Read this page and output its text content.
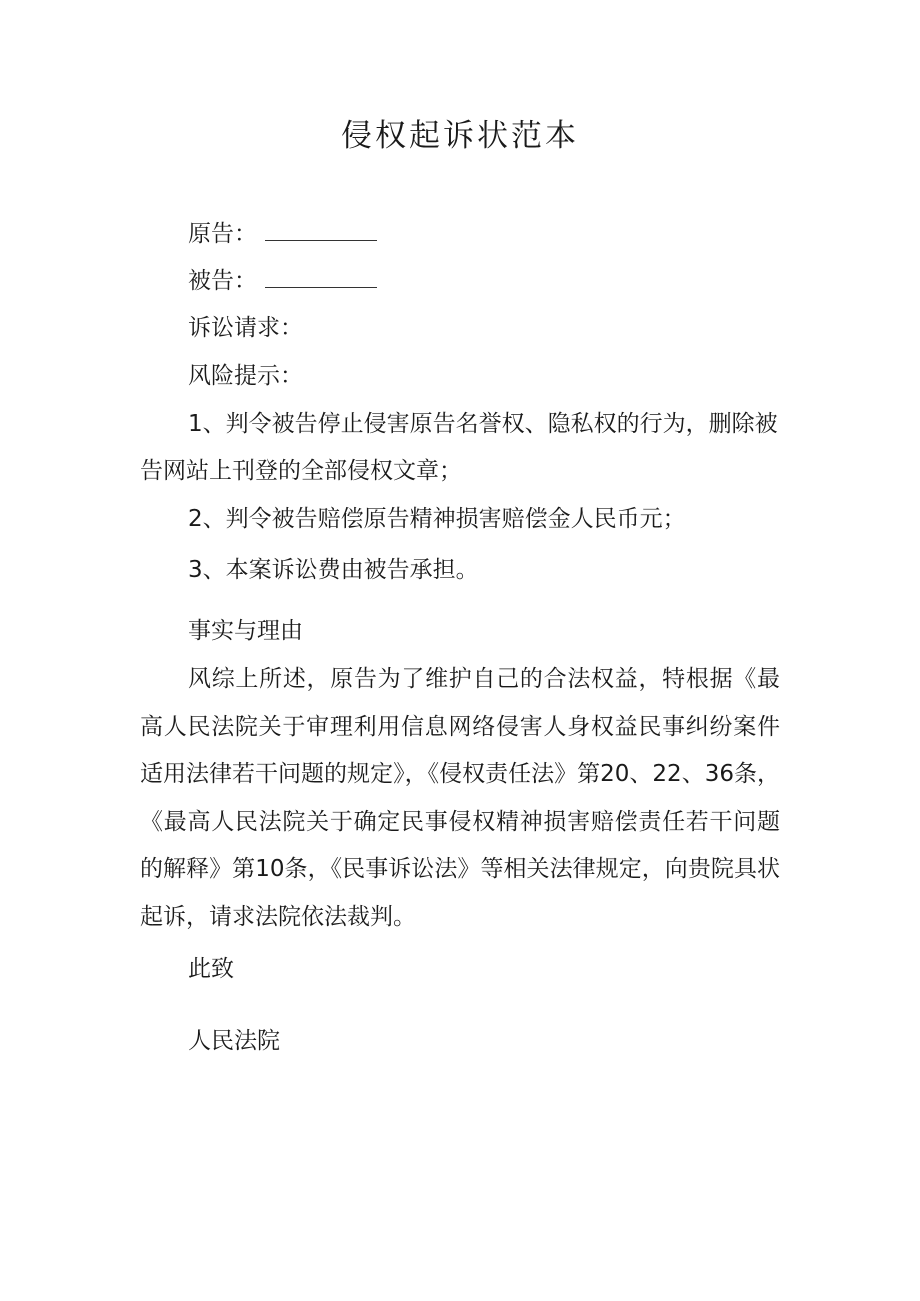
侵权起诉状范本
原告：
被告：
诉讼请求：
风险提示：
1、判令被告停止侵害原告名誉权、隐私权的行为，删除被
告网站上刊登的全部侵权文章；
2、判令被告赔偿原告精神损害赔偿金人民币元；
3、本案诉讼费由被告承担。
事实与理由
风综上所述，原告为了维护自己的合法权益，特根据《最高人民法院关于审理利用信息网络侵害人身权益民事纠纷案件适用法律若干问题的规定》，《侵权责任法》第20、22、36条，《最高人民法院关于确定民事侵权精神损害赔偿责任若干问题的解释》第10条，《民事诉讼法》等相关法律规定，向贵院具状起诉，请求法院依法裁判。
此致
人民法院
